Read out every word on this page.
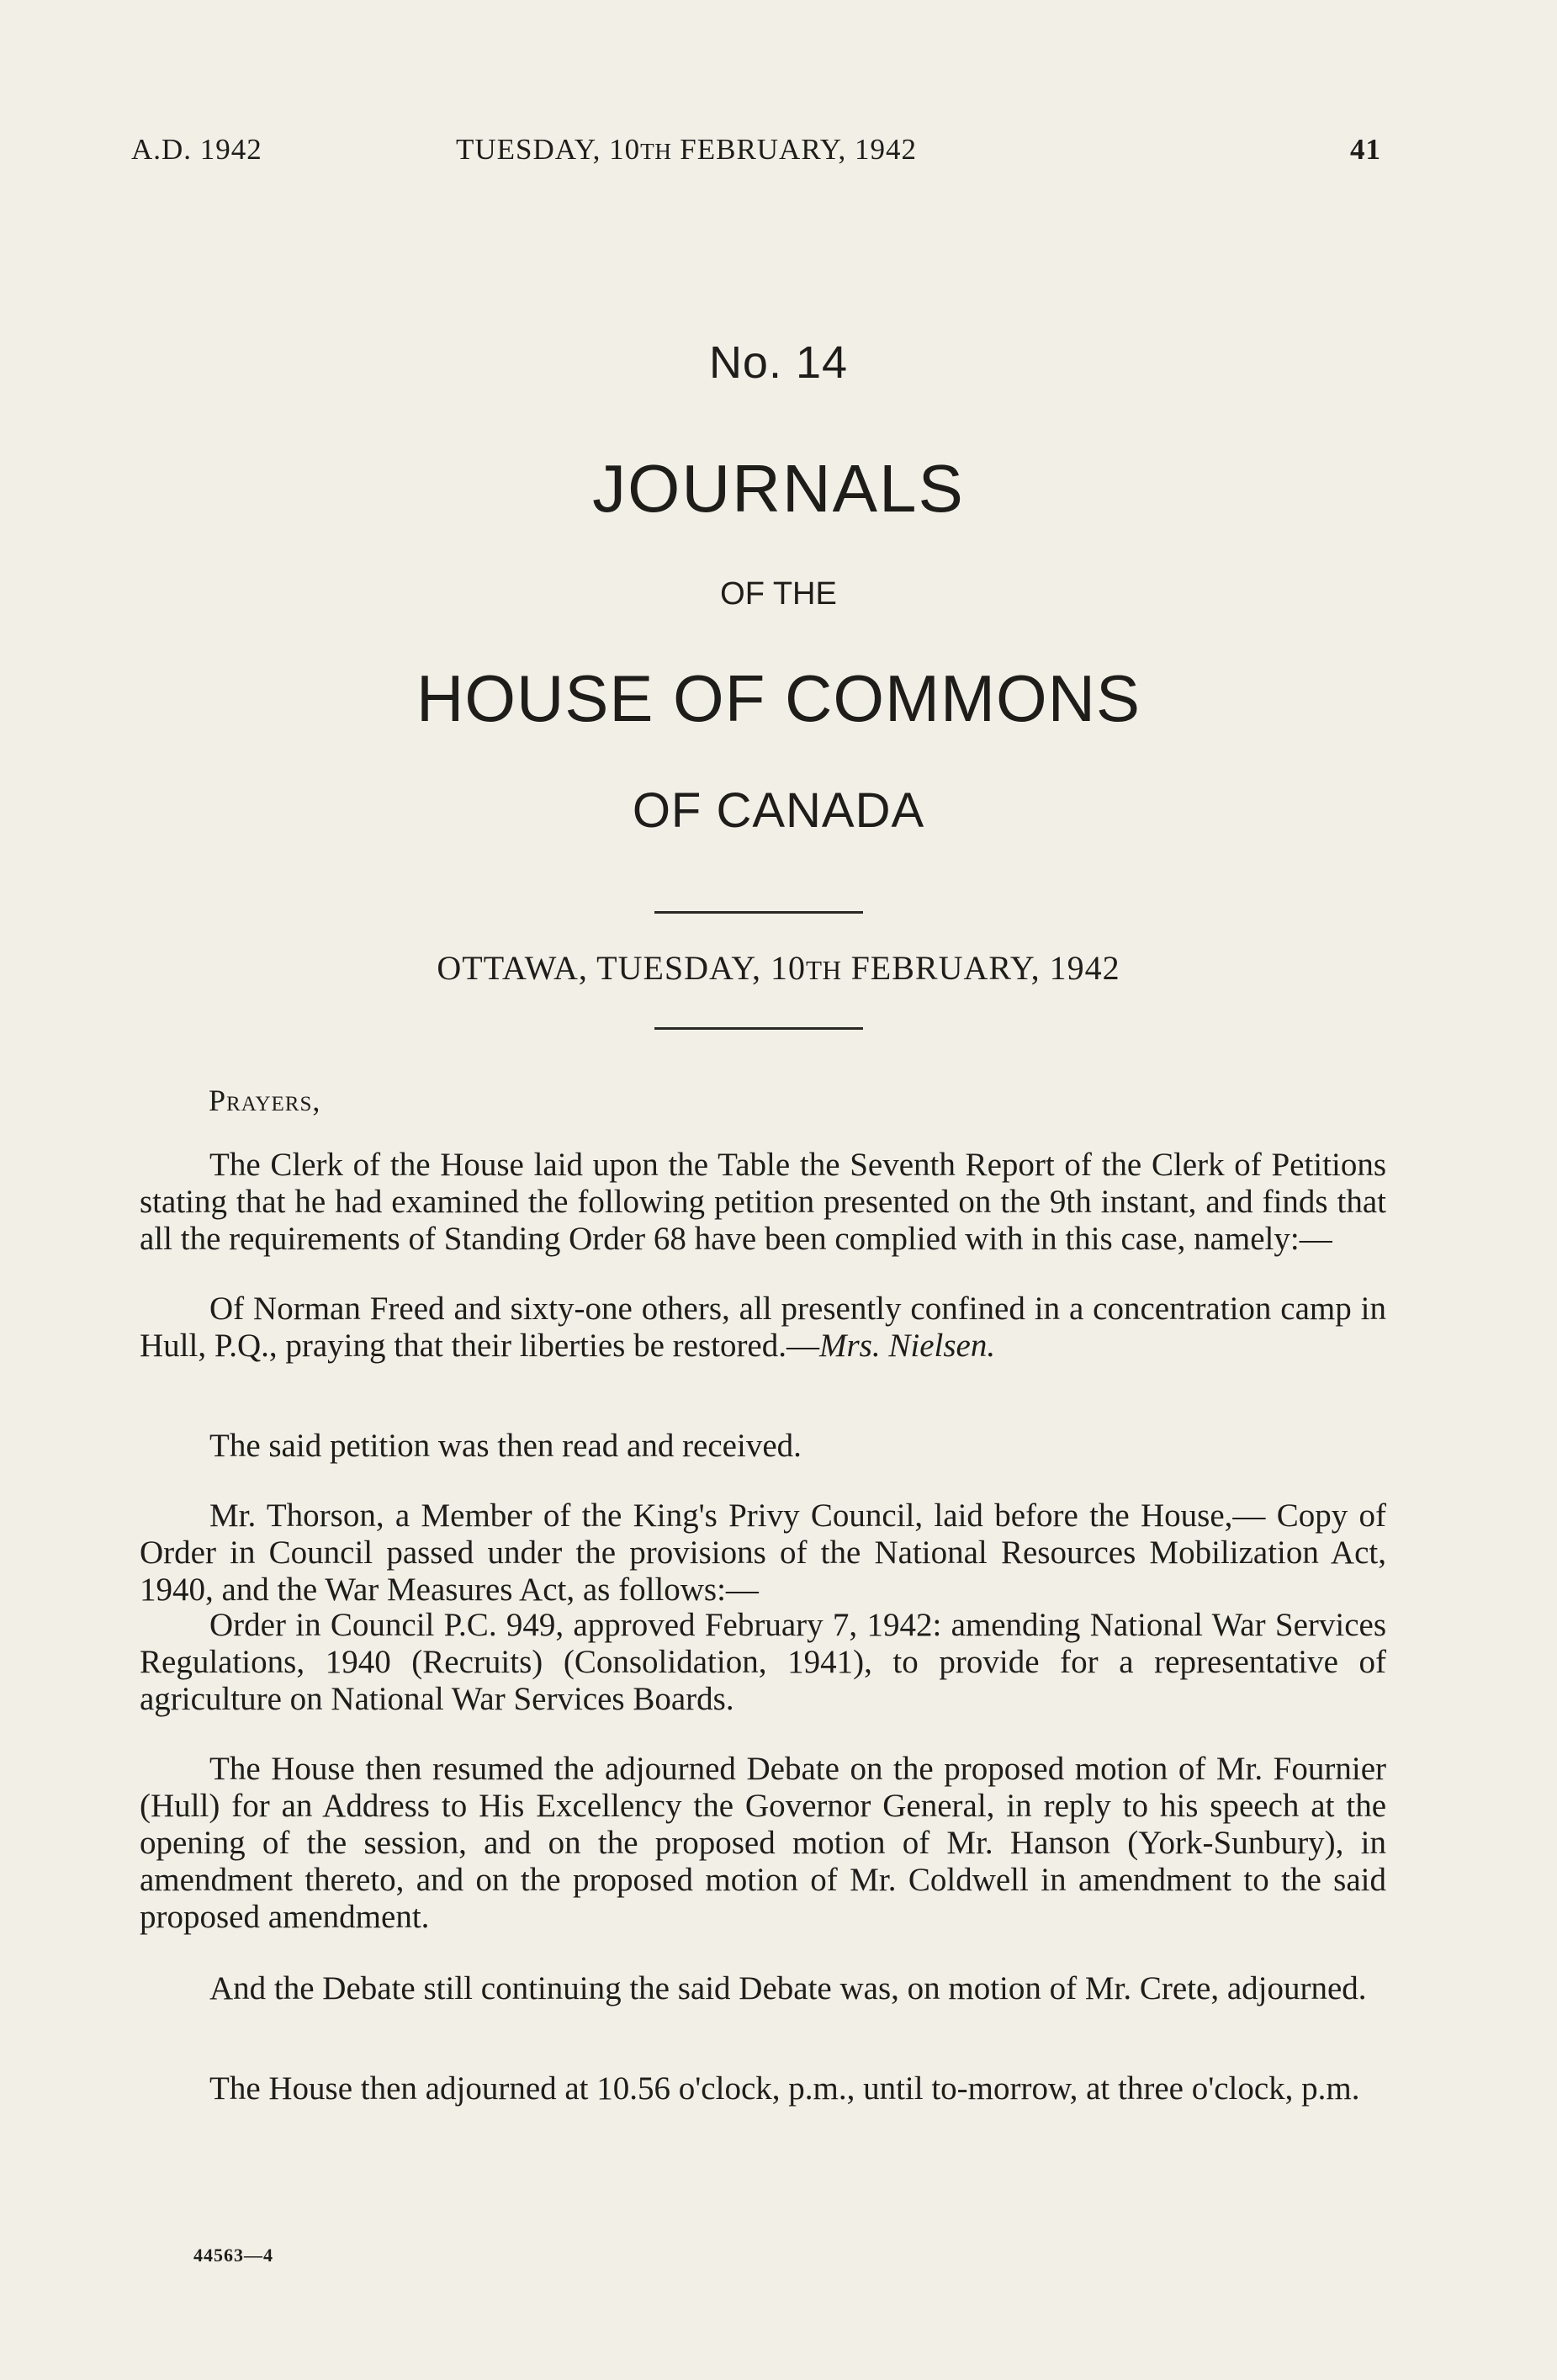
A.D. 1942	TUESDAY, 10TH FEBRUARY, 1942	41
No. 14
JOURNALS
OF THE
HOUSE OF COMMONS
OF CANADA
OTTAWA, TUESDAY, 10TH FEBRUARY, 1942
Prayers,

The Clerk of the House laid upon the Table the Seventh Report of the Clerk of Petitions stating that he had examined the following petition presented on the 9th instant, and finds that all the requirements of Standing Order 68 have been complied with in this case, namely:—

Of Norman Freed and sixty-one others, all presently confined in a concentration camp in Hull, P.Q., praying that their liberties be restored.—Mrs. Nielsen.

The said petition was then read and received.

Mr. Thorson, a Member of the King's Privy Council, laid before the House,— Copy of Order in Council passed under the provisions of the National Resources Mobilization Act, 1940, and the War Measures Act, as follows:—

Order in Council P.C. 949, approved February 7, 1942: amending National War Services Regulations, 1940 (Recruits) (Consolidation, 1941), to provide for a representative of agriculture on National War Services Boards.

The House then resumed the adjourned Debate on the proposed motion of Mr. Fournier (Hull) for an Address to His Excellency the Governor General, in reply to his speech at the opening of the session, and on the proposed motion of Mr. Hanson (York-Sunbury), in amendment thereto, and on the proposed motion of Mr. Coldwell in amendment to the said proposed amendment.

And the Debate still continuing the said Debate was, on motion of Mr. Crete, adjourned.

The House then adjourned at 10.56 o'clock, p.m., until to-morrow, at three o'clock, p.m.

44563—4
